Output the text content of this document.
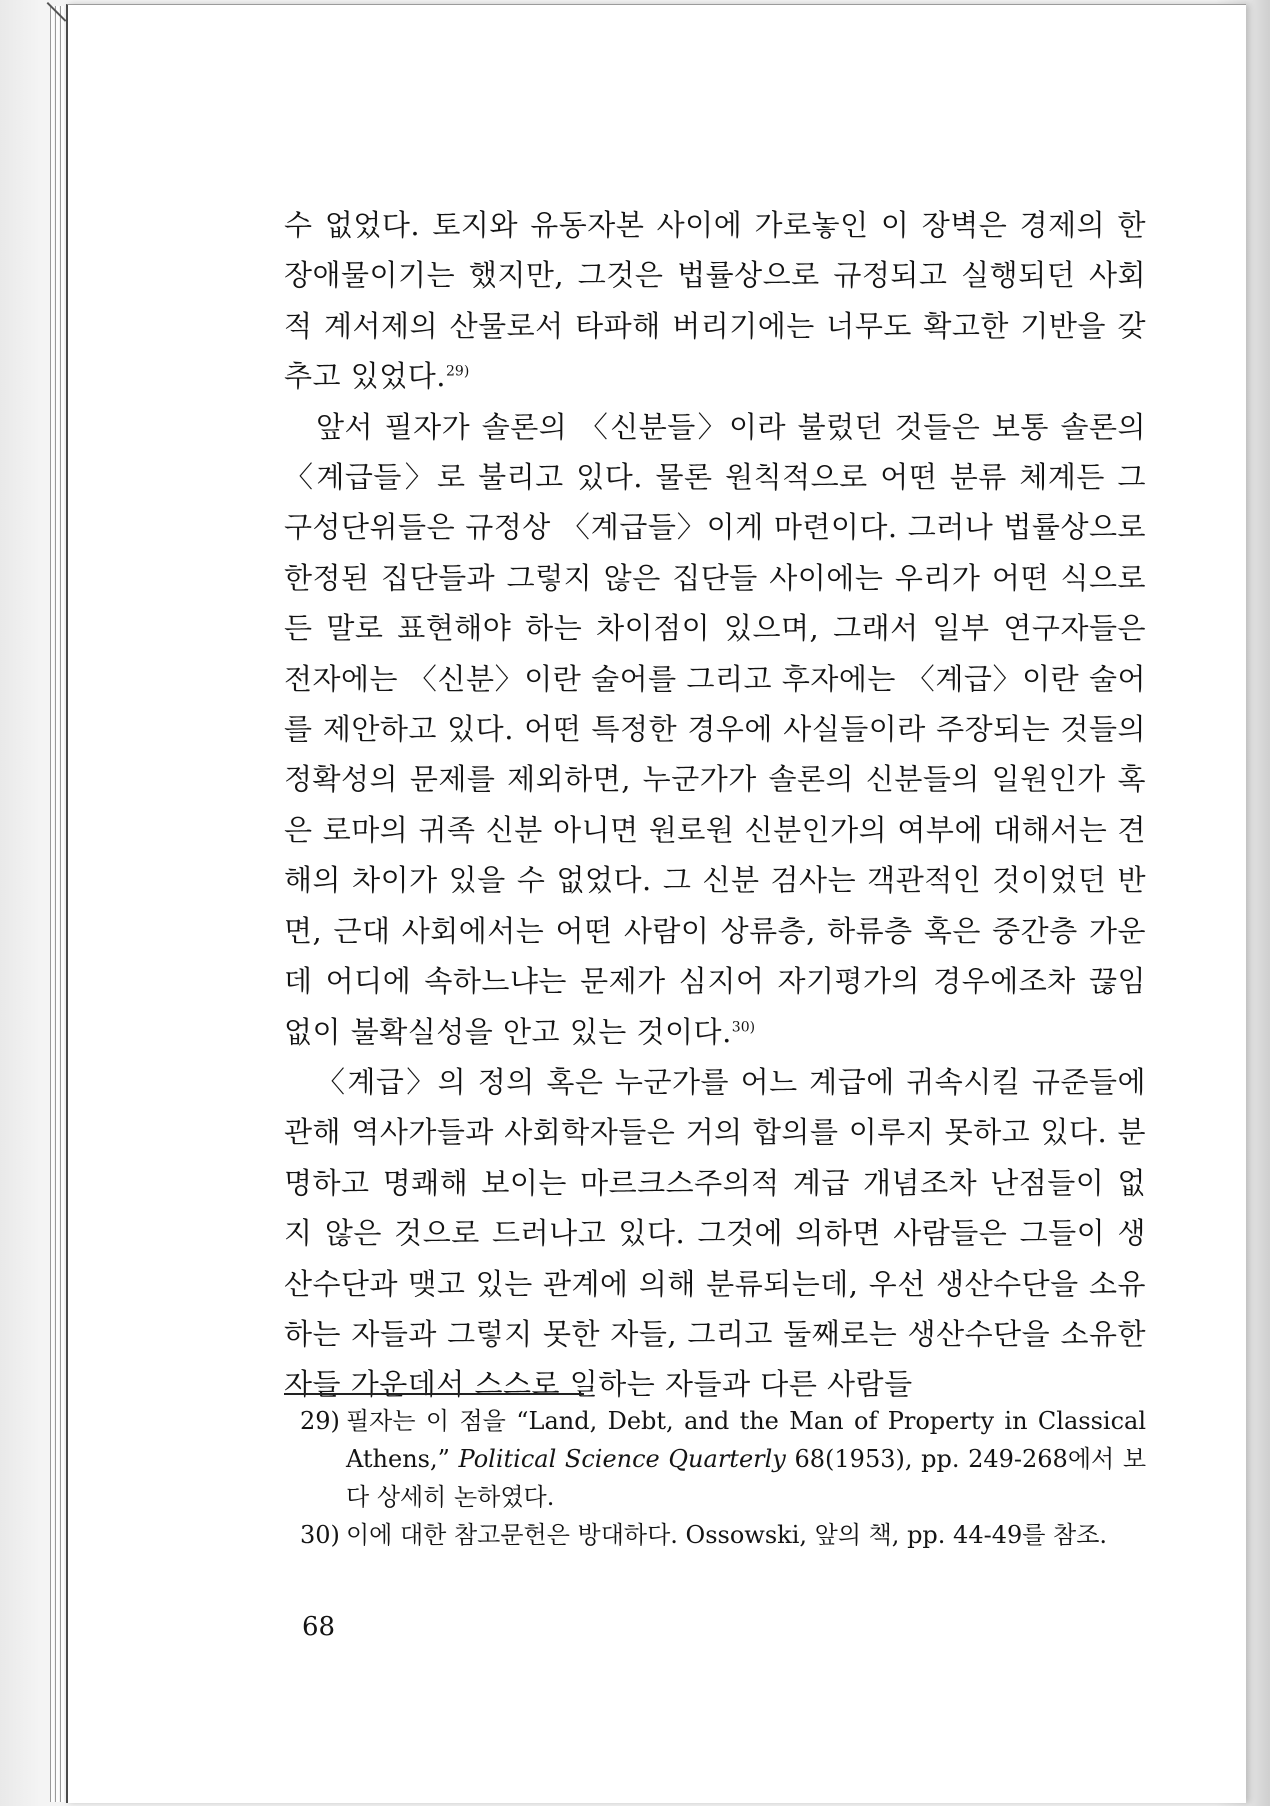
수 없었다. 토지와 유동자본 사이에 가로놓인 이 장벽은 경제의 한 장애물이기는 했지만, 그것은 법률상으로 규정되고 실행되던 사회적 계서제의 산물로서 타파해 버리기에는 너무도 확고한 기반을 갖추고 있었다.$^{29)}$

앞서 필자가 솔론의 〈신분들〉이라 불렀던 것들은 보통 솔론의 〈계급들〉로 불리고 있다. 물론 원칙적으로 어떤 분류 체계든 그 구성단위들은 규정상 〈계급들〉이게 마련이다. 그러나 법률상으로 한정된 집단들과 그렇지 않은 집단들 사이에는 우리가 어떤 식으로든 말로 표현해야 하는 차이점이 있으며, 그래서 일부 연구자들은 전자에는 〈신분〉이란 술어를 그리고 후자에는 〈계급〉이란 술어를 제안하고 있다. 어떤 특정한 경우에 사실들이라 주장되는 것들의 정확성의 문제를 제외하면, 누군가가 솔론의 신분들의 일원인가 혹은 로마의 귀족 신분 아니면 원로원 신분인가의 여부에 대해서는 견해의 차이가 있을 수 없었다. 그 신분 검사는 객관적인 것이었던 반면, 근대 사회에서는 어떤 사람이 상류층, 하류층 혹은 중간층 가운데 어디에 속하느냐는 문제가 심지어 자기평가의 경우에조차 끊임없이 불확실성을 안고 있는 것이다.$^{30)}$

〈계급〉의 정의 혹은 누군가를 어느 계급에 귀속시킬 규준들에 관해 역사가들과 사회학자들은 거의 합의를 이루지 못하고 있다. 분명하고 명쾌해 보이는 마르크스주의적 계급 개념조차 난점들이 없지 않은 것으로 드러나고 있다. 그것에 의하면 사람들은 그들이 생산수단과 맺고 있는 관계에 의해 분류되는데, 우선 생산수단을 소유하는 자들과 그렇지 못한 자들, 그리고 둘째로는 생산수단을 소유한 자들 가운데서 스스로 일하는 자들과 다른 사람들

29) 필자는 이 점을 “Land, Debt, and the Man of Property in Classical Athens,” Political Science Quarterly 68(1953), pp. 249-268에서 보다 상세히 논하였다.

30) 이에 대한 참고문헌은 방대하다. Ossowski, 앞의 책, pp. 44-49를 참조.

68
